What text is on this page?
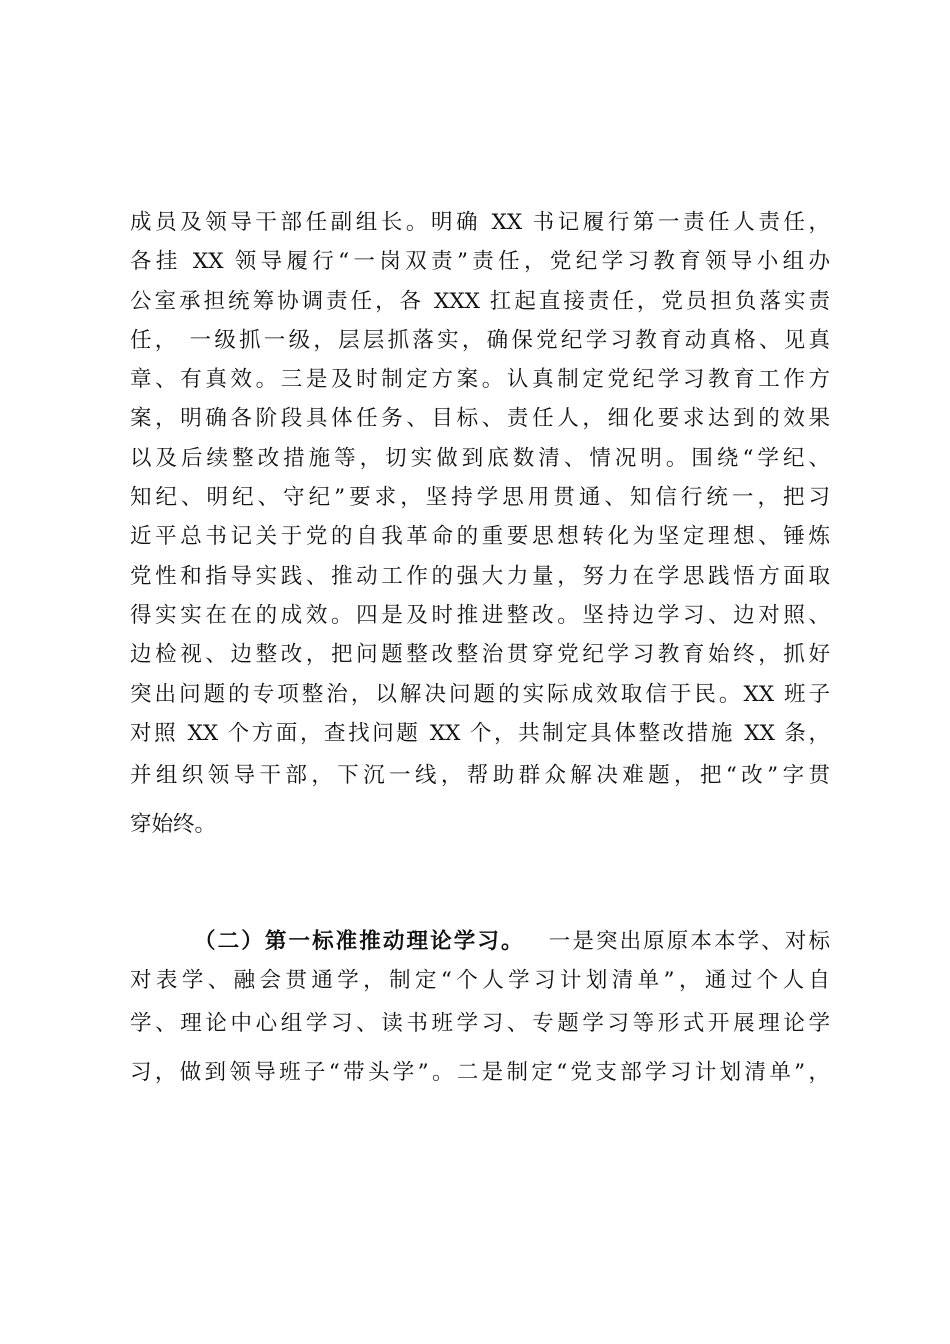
成员及领导干部任副组长。明确 XX 书记履行第一责任人责任，
各挂 XX 领导履行“一岗双责”责任，党纪学习教育领导小组办
公室承担统筹协调责任，各 XXX 扛起直接责任，党员担负落实责
任， 一级抓一级，层层抓落实，确保党纪学习教育动真格、见真
章、有真效。三是及时制定方案。认真制定党纪学习教育工作方
案，明确各阶段具体任务、目标、责任人，细化要求达到的效果
以及后续整改措施等，切实做到底数清、情况明。围绕“学纪、
知纪、明纪、守纪”要求，坚持学思用贯通、知信行统一，把习
近平总书记关于党的自我革命的重要思想转化为坚定理想、锤炼
党性和指导实践、推动工作的强大力量，努力在学思践悟方面取
得实实在在的成效。四是及时推进整改。坚持边学习、边对照、
边检视、边整改，把问题整改整治贯穿党纪学习教育始终，抓好
突出问题的专项整治，以解决问题的实际成效取信于民。XX 班子
对照 XX 个方面，查找问题 XX 个，共制定具体整改措施 XX 条，
并组织领导干部，下沉一线，帮助群众解决难题，把“改”字贯
穿始终。
（二）第一标准推动理论学习。 一是突出原原本本学、对标
对表学、融会贯通学，制定“个人学习计划清单”，通过个人自
学、理论中心组学习、读书班学习、专题学习等形式开展理论学
习，做到领导班子“带头学”。二是制定“党支部学习计划清单”，
